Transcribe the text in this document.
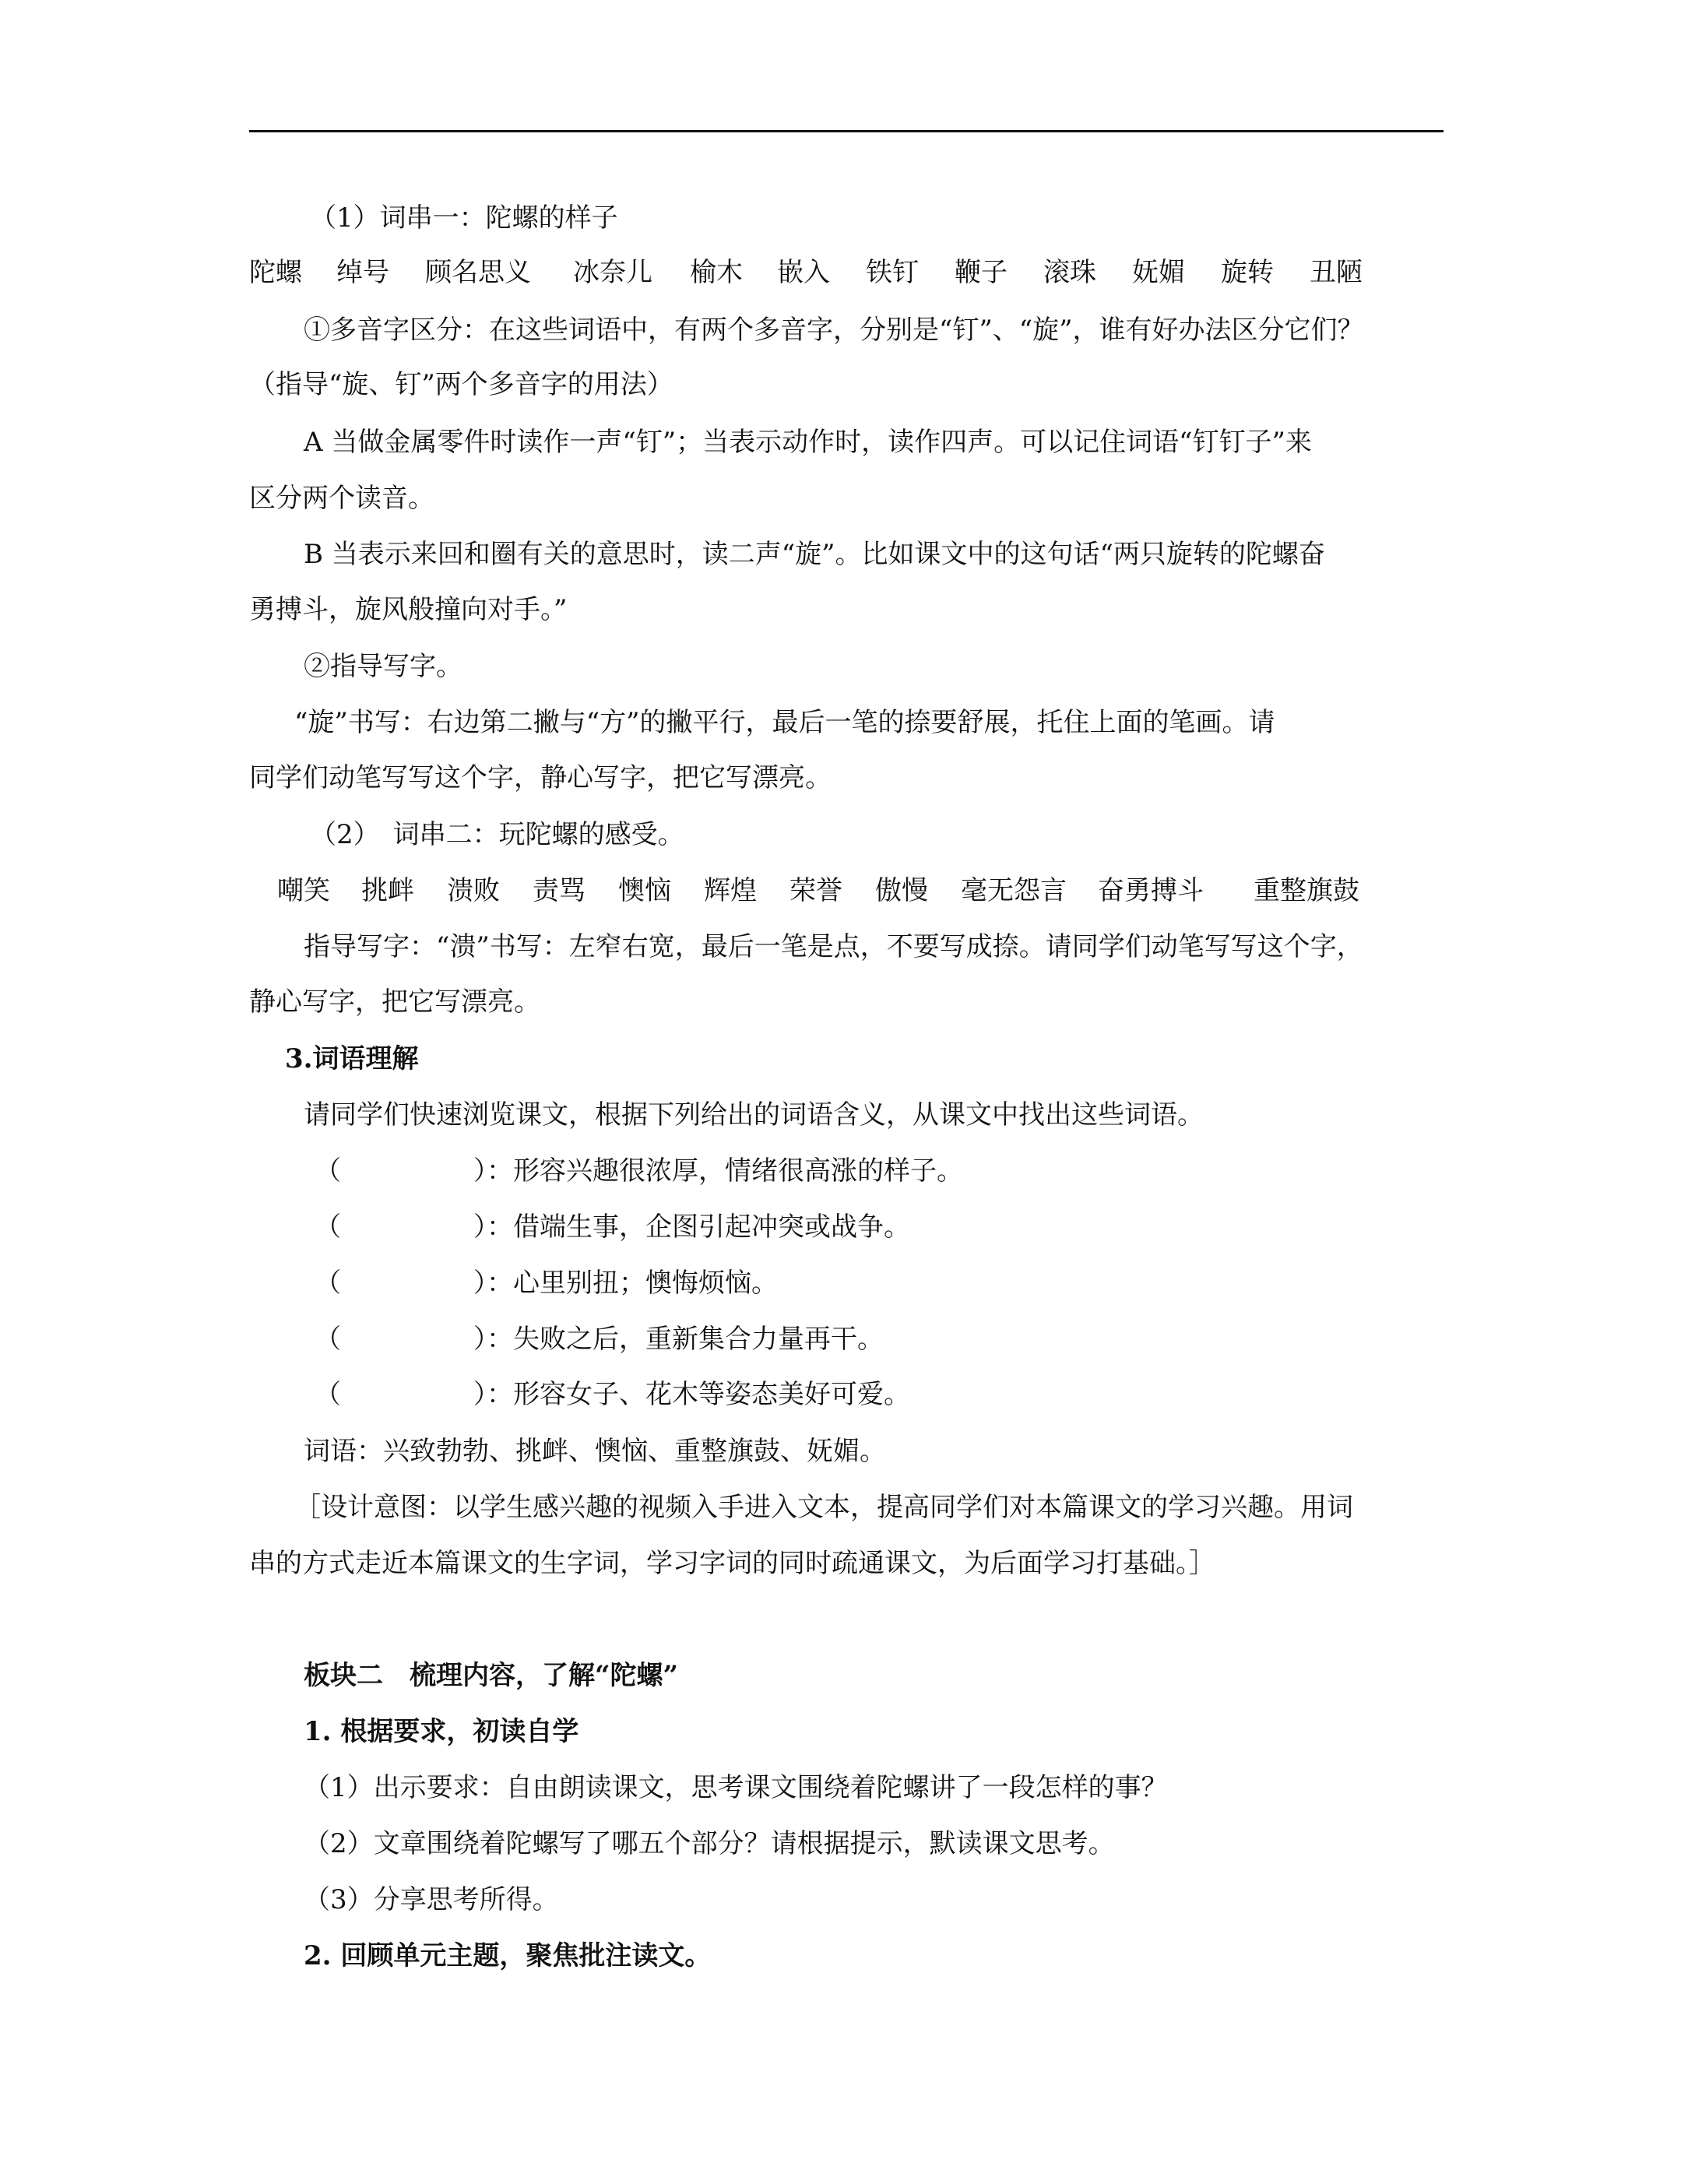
（1）词串一：陀螺的样子

陀螺	绰号	顾名思义	冰奈儿	榆木	嵌入	铁钉	鞭子	滚珠	妩媚	旋转	丑陋

①多音字区分：在这些词语中，有两个多音字，分别是“钉”、“旋”，谁有好办法区分它们？

（指导“旋、钉”两个多音字的用法）

A 当做金属零件时读作一声“钉”；当表示动作时，读作四声。可以记住词语“钉钉子”来

区分两个读音。

B 当表示来回和圈有关的意思时，读二声“旋”。比如课文中的这句话“两只旋转的陀螺奋

勇搏斗，旋风般撞向对手。”

②指导写字。

“旋”书写：右边第二撇与“方”的撇平行，最后一笔的捺要舒展，托住上面的笔画。请

同学们动笔写写这个字，静心写字，把它写漂亮。

（2）　词串二：玩陀螺的感受。

嘲笑	挑衅	溃败	责骂	懊恼	辉煌	荣誉	傲慢	毫无怨言	奋勇搏斗	重整旗鼓

指导写字：“溃”书写：左窄右宽，最后一笔是点，不要写成捺。请同学们动笔写写这个字，

静心写字，把它写漂亮。

3.词语理解

请同学们快速浏览课文，根据下列给出的词语含义，从课文中找出这些词语。

（	）：形容兴趣很浓厚，情绪很高涨的样子。

（	）：借端生事，企图引起冲突或战争。

（	）：心里别扭；懊悔烦恼。

（	）：失败之后，重新集合力量再干。

（	）：形容女子、花木等姿态美好可爱。

词语：兴致勃勃、挑衅、懊恼、重整旗鼓、妩媚。

［设计意图：以学生感兴趣的视频入手进入文本，提高同学们对本篇课文的学习兴趣。用词

串的方式走近本篇课文的生字词，学习字词的同时疏通课文，为后面学习打基础。］

板块二　梳理内容，了解“陀螺”

1. 根据要求，初读自学

（1）出示要求：自由朗读课文，思考课文围绕着陀螺讲了一段怎样的事？

（2）文章围绕着陀螺写了哪五个部分？请根据提示，默读课文思考。

（3）分享思考所得。

2. 回顾单元主题，聚焦批注读文。
